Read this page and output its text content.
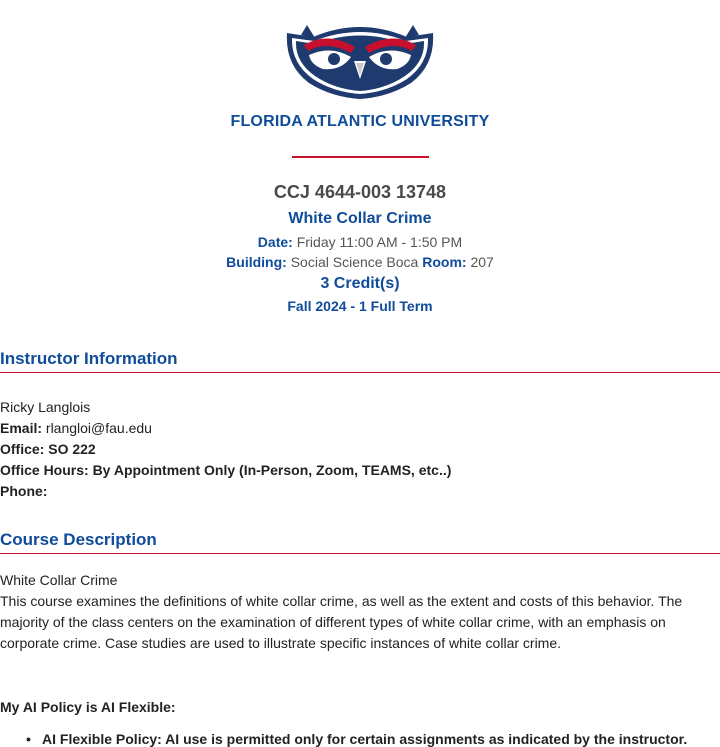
FLORIDA ATLANTIC UNIVERSITY
CCJ 4644-003 13748
White Collar Crime
Date: Friday 11:00 AM - 1:50 PM
Building: Social Science Boca Room: 207
3 Credit(s)
Fall 2024 - 1 Full Term
Instructor Information
Ricky Langlois
Email: rlangloi@fau.edu
Office: SO 222
Office Hours: By Appointment Only (In-Person, Zoom, TEAMS, etc..)
Phone:
Course Description
White Collar Crime
This course examines the definitions of white collar crime, as well as the extent and costs of this behavior. The majority of the class centers on the examination of different types of white collar crime, with an emphasis on corporate crime. Case studies are used to illustrate specific instances of white collar crime.
My AI Policy is AI Flexible:
• AI Flexible Policy: AI use is permitted only for certain assignments as indicated by the instructor.
